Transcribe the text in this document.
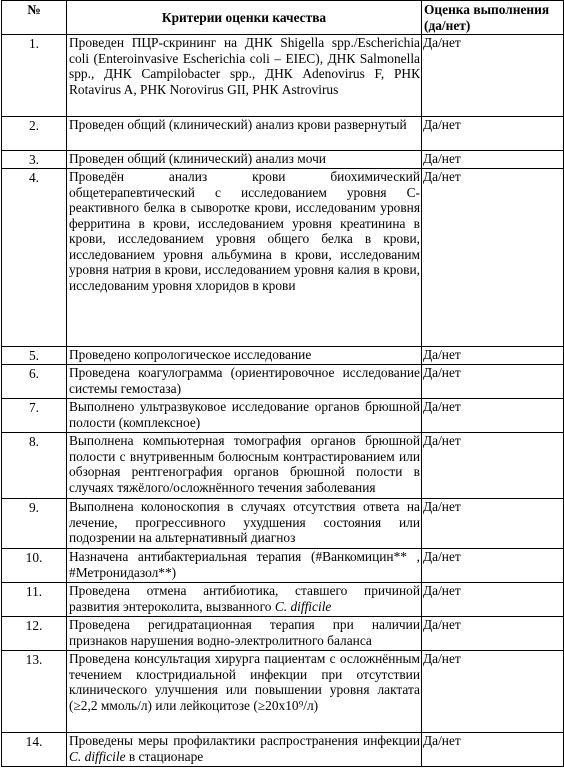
№	Критерии оценки качества	Оценка выполнения (да/нет)
1.	Проведен ПЦР-скрининг на ДНК Shigella spp./Escherichia coli (Enteroinvasive Escherichia coli – EIEC), ДНК Salmonella spp., ДНК Campilobacter spp., ДНК Adenovirus F, РНК Rotavirus A, РНК Norovirus GII, РНК Astrovirus	Да/нет
2.	Проведен общий (клинический) анализ крови развернутый	Да/нет
3.	Проведен общий (клинический) анализ мочи	Да/нет
4.	Проведён анализ крови биохимический общетерапевтический с исследованием уровня С-реактивного белка в сыворотке крови, исследованим уровня ферритина в крови, исследованием уровня креатинина в крови, исследованием уровня общего белка в крови, исследованием уровня альбумина в крови, исследованим уровня натрия в крови, исследованием уровня калия в крови, исследованим уровня хлоридов в крови	Да/нет
5.	Проведено копрологическое исследование	Да/нет
6.	Проведена коагулограмма (ориентировочное исследование системы гемостаза)	Да/нет
7.	Выполнено ультразвуковое исследование органов брюшной полости (комплексное)	Да/нет
8.	Выполнена компьютерная томография органов брюшной полости с внутривенным болюсным контрастированием или обзорная рентгенография органов брюшной полости в случаях тяжёлого/осложнённого течения заболевания	Да/нет
9.	Выполнена колоноскопия в случаях отсутствия ответа на лечение, прогрессивного ухудшения состояния или подозрении на альтернативный диагноз	Да/нет
10.	Назначена антибактериальная терапия (#Ванкомицин** , #Метронидазол**)	Да/нет
11.	Проведена отмена антибиотика, ставшего причиной развития энтероколита, вызванного C. difficile	Да/нет
12.	Проведена регидратационная терапия при наличии признаков нарушения водно-электролитного баланса	Да/нет
13.	Проведена консультация хирурга пациентам с осложнённым течением клостридиальной инфекции при отсутствии клинического улучшения или повышении уровня лактата (≥2,2 ммоль/л) или лейкоцитозе (≥20х10⁹/л)	Да/нет
14.	Проведены меры профилактики распространения инфекции C. difficile в стационаре	Да/нет
